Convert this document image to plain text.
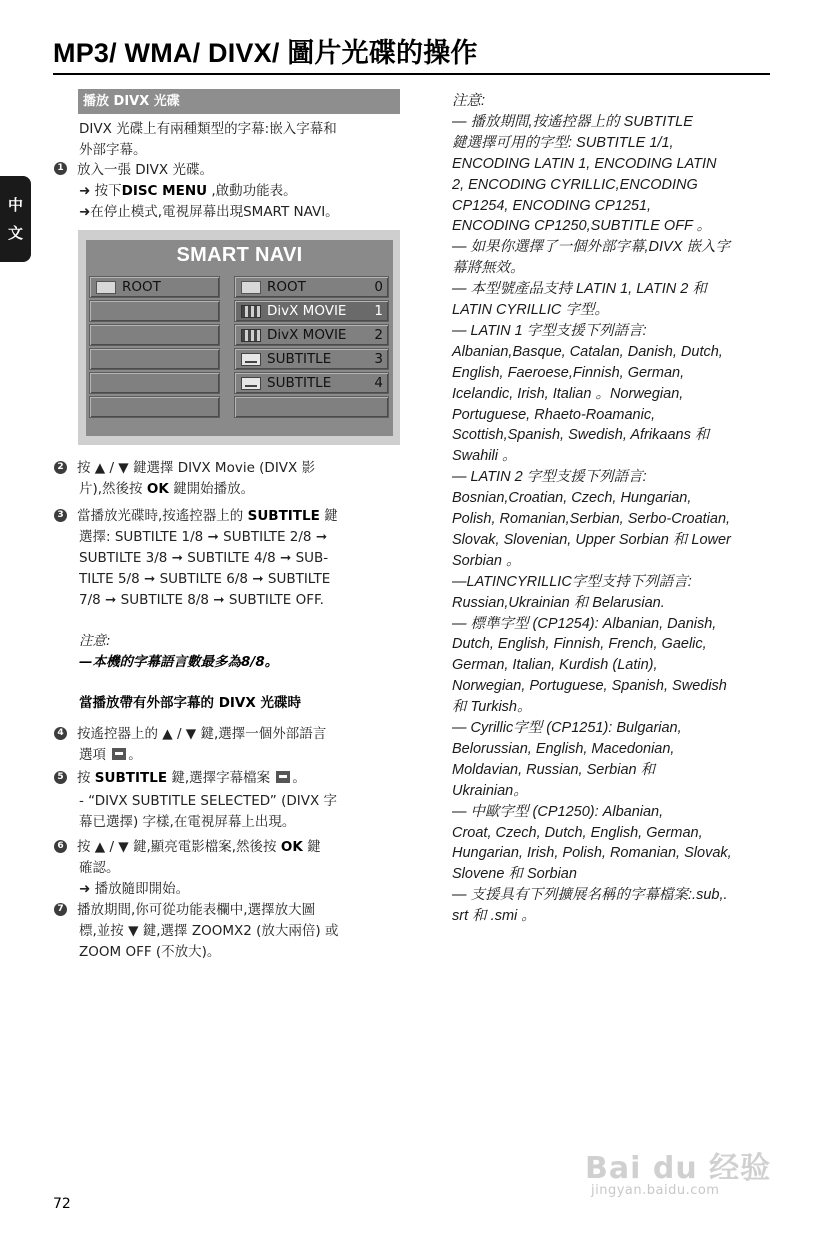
MP3/ WMA/ DIVX/ 圖片光碟的操作
中
文
播放 DIVX 光碟
DIVX 光碟上有兩種類型的字幕:嵌入字幕和
外部字幕。
1 放入一張 DIVX 光碟。
➜ 按下DISC MENU ,啟動功能表。
➜在停止模式,電視屏幕出現SMART NAVI。
SMART NAVI
ROOT	ROOT	0
DivX MOVIE 1
DivX MOVIE 2
SUBTITLE	3
SUBTITLE	4
2 按 ▲ / ▼ 鍵選擇 DIVX Movie (DIVX 影
片),然後按 OK 鍵開始播放。
3 當播放光碟時,按遙控器上的 SUBTITLE 鍵
選擇: SUBTILTE 1/8 ➞ SUBTILTE 2/8 ➞
SUBTILTE 3/8 ➞ SUBTILTE 4/8 ➞ SUB-
TILTE 5/8 ➞ SUBTILTE 6/8 ➞ SUBTILTE
7/8 ➞ SUBTILTE 8/8 ➞ SUBTILTE OFF.
注意:
—本機的字幕語言數最多為8/8。
當播放帶有外部字幕的 DIVX 光碟時
4 按遙控器上的 ▲ / ▼ 鍵,選擇一個外部語言
選項 。
5 按 SUBTITLE 鍵,選擇字幕檔案 。
- “DIVX SUBTITLE SELECTED” (DIVX 字
幕已選擇) 字樣,在電視屏幕上出現。
6 按 ▲ / ▼ 鍵,顯亮電影檔案,然後按 OK 鍵
確認。
➜ 播放隨即開始。
7 播放期間,你可從功能表欄中,選擇放大圖
標,並按 ▼ 鍵,選擇 ZOOMX2 (放大兩倍) 或
ZOOM OFF (不放大)。
注意:
— 播放期間,按遙控器上的 SUBTITLE
鍵選擇可用的字型: SUBTITLE 1/1,
ENCODING LATIN 1, ENCODING LATIN
2, ENCODING CYRILLIC,ENCODING
CP1254, ENCODING CP1251,
ENCODING CP1250,SUBTITLE OFF 。
— 如果你選擇了一個外部字幕,DIVX 嵌入字
幕將無效。
— 本型號產品支持 LATIN 1, LATIN 2 和
LATIN CYRILLIC 字型。
— LATIN 1 字型支援下列語言:
Albanian,Basque, Catalan, Danish, Dutch,
English, Faeroese,Finnish, German,
Icelandic, Irish, Italian 。Norwegian,
Portuguese, Rhaeto-Roamanic,
Scottish,Spanish, Swedish, Afrikaans 和
Swahili 。
— LATIN 2 字型支援下列語言:
Bosnian,Croatian, Czech, Hungarian,
Polish, Romanian,Serbian, Serbo-Croatian,
Slovak, Slovenian, Upper Sorbian 和 Lower
Sorbian 。
—LATINCYRILLIC字型支持下列語言:
Russian,Ukrainian 和 Belarusian.
— 標準字型 (CP1254): Albanian, Danish,
Dutch, English, Finnish, French, Gaelic,
German, Italian, Kurdish (Latin),
Norwegian, Portuguese, Spanish, Swedish
和 Turkish。
— Cyrillic字型 (CP1251): Bulgarian,
Belorussian, English, Macedonian,
Moldavian, Russian, Serbian 和
Ukrainian。
— 中歐字型 (CP1250): Albanian,
Croat, Czech, Dutch, English, German,
Hungarian, Irish, Polish, Romanian, Slovak,
Slovene 和 Sorbian
— 支援具有下列擴展名稱的字幕檔案:.sub,.
srt 和 .smi 。
72
Bai du 经验
jingyan.baidu.com
